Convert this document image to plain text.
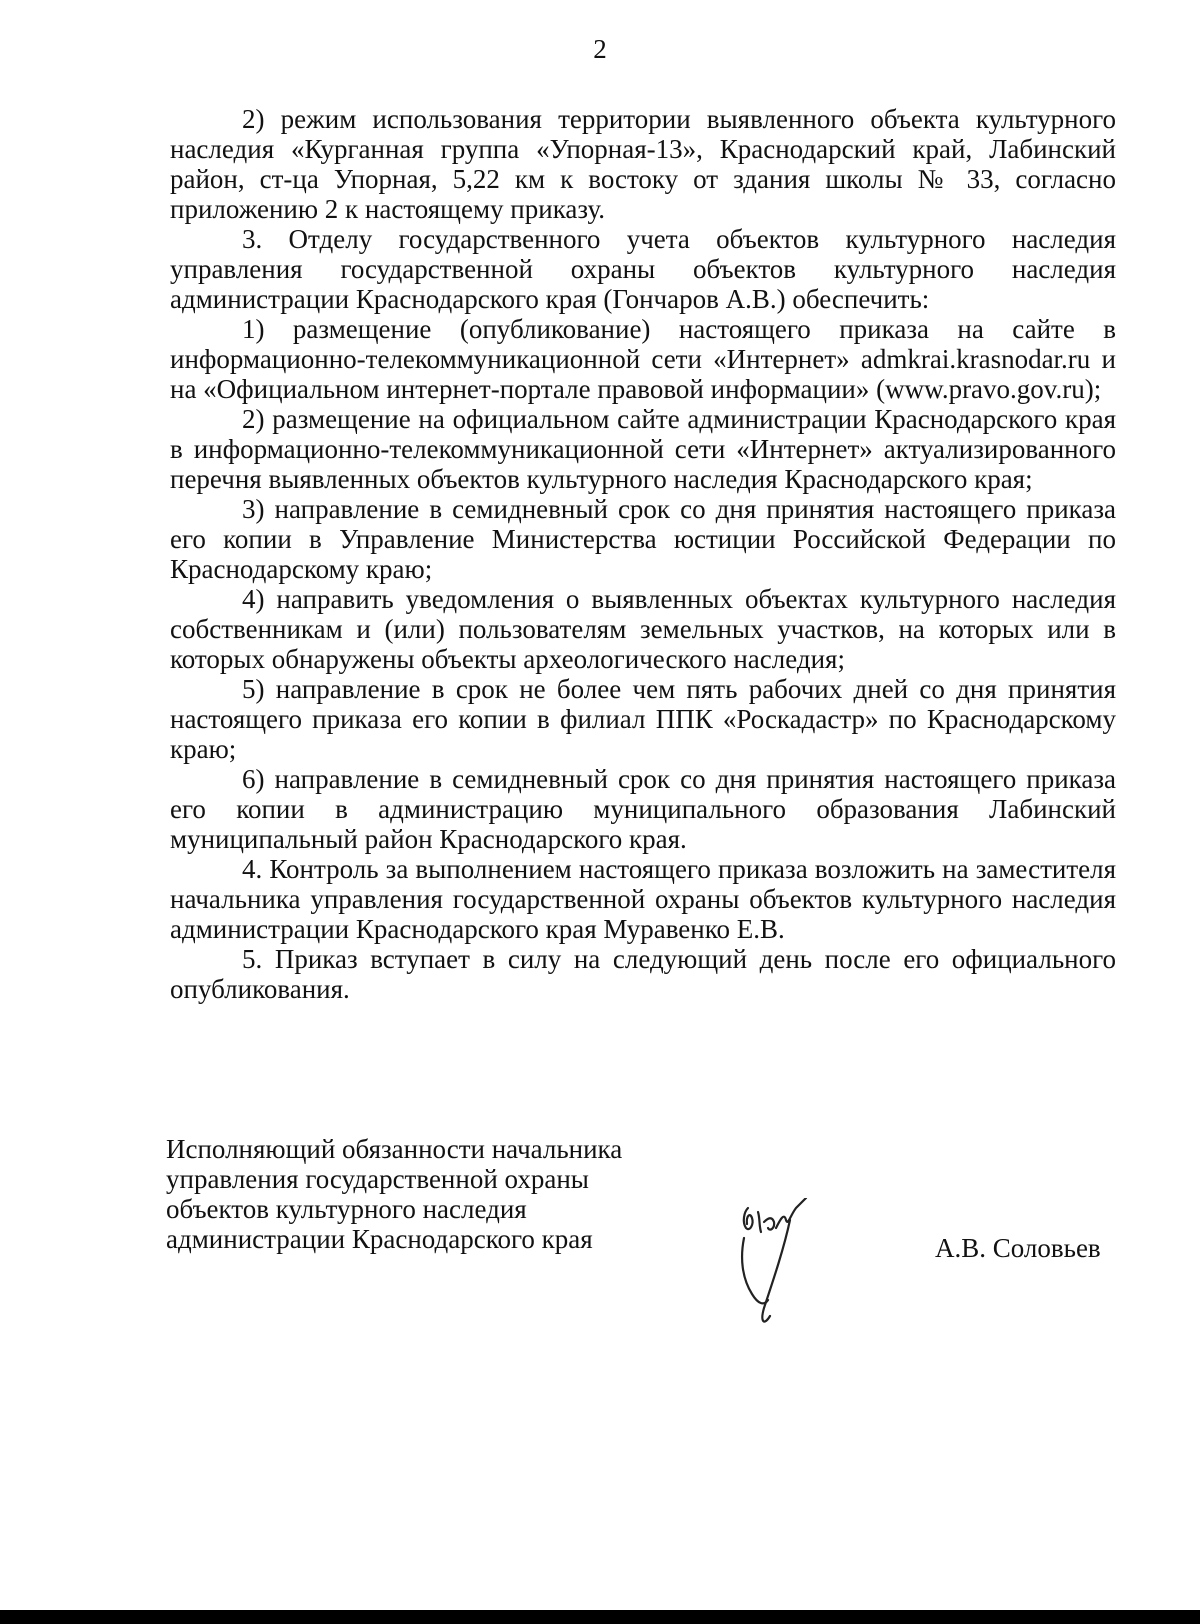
2

2) режим использования территории выявленного объекта культурного наследия «Курганная группа «Упорная-13», Краснодарский край, Лабинский район, ст-ца Упорная, 5,22 км к востоку от здания школы № 33, согласно приложению 2 к настоящему приказу.

3. Отделу государственного учета объектов культурного наследия управления государственной охраны объектов культурного наследия администрации Краснодарского края (Гончаров А.В.) обеспечить:

1) размещение (опубликование) настоящего приказа на сайте в информационно-телекоммуникационной сети «Интернет» admkrai.krasnodar.ru и на «Официальном интернет-портале правовой информации» (www.pravo.gov.ru);

2) размещение на официальном сайте администрации Краснодарского края в информационно-телекоммуникационной сети «Интернет» актуализированного перечня выявленных объектов культурного наследия Краснодарского края;

3) направление в семидневный срок со дня принятия настоящего приказа его копии в Управление Министерства юстиции Российской Федерации по Краснодарскому краю;

4) направить уведомления о выявленных объектах культурного наследия собственникам и (или) пользователям земельных участков, на которых или в которых обнаружены объекты археологического наследия;

5) направление в срок не более чем пять рабочих дней со дня принятия настоящего приказа его копии в филиал ППК «Роскадастр» по Краснодарскому краю;

6) направление в семидневный срок со дня принятия настоящего приказа его копии в администрацию муниципального образования Лабинский муниципальный район Краснодарского края.

4. Контроль за выполнением настоящего приказа возложить на заместителя начальника управления государственной охраны объектов культурного наследия администрации Краснодарского края Муравенко Е.В.

5. Приказ вступает в силу на следующий день после его официального опубликования.

Исполняющий обязанности начальника
управления государственной охраны
объектов культурного наследия
администрации Краснодарского края	А.В. Соловьев
